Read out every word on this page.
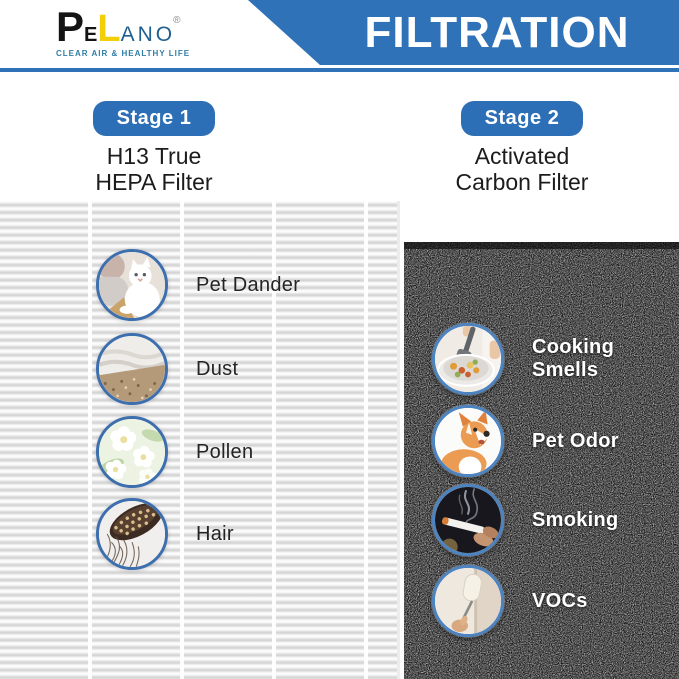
FILTRATION
PELANO®
CLEAR AIR & HEALTHY LIFE
Stage 1
H13 True
HEPA Filter
Stage 2
Activated
Carbon Filter
Pet Dander
Dust
Pollen
Hair
Cooking Smells
Pet Odor
Smoking
VOCs
